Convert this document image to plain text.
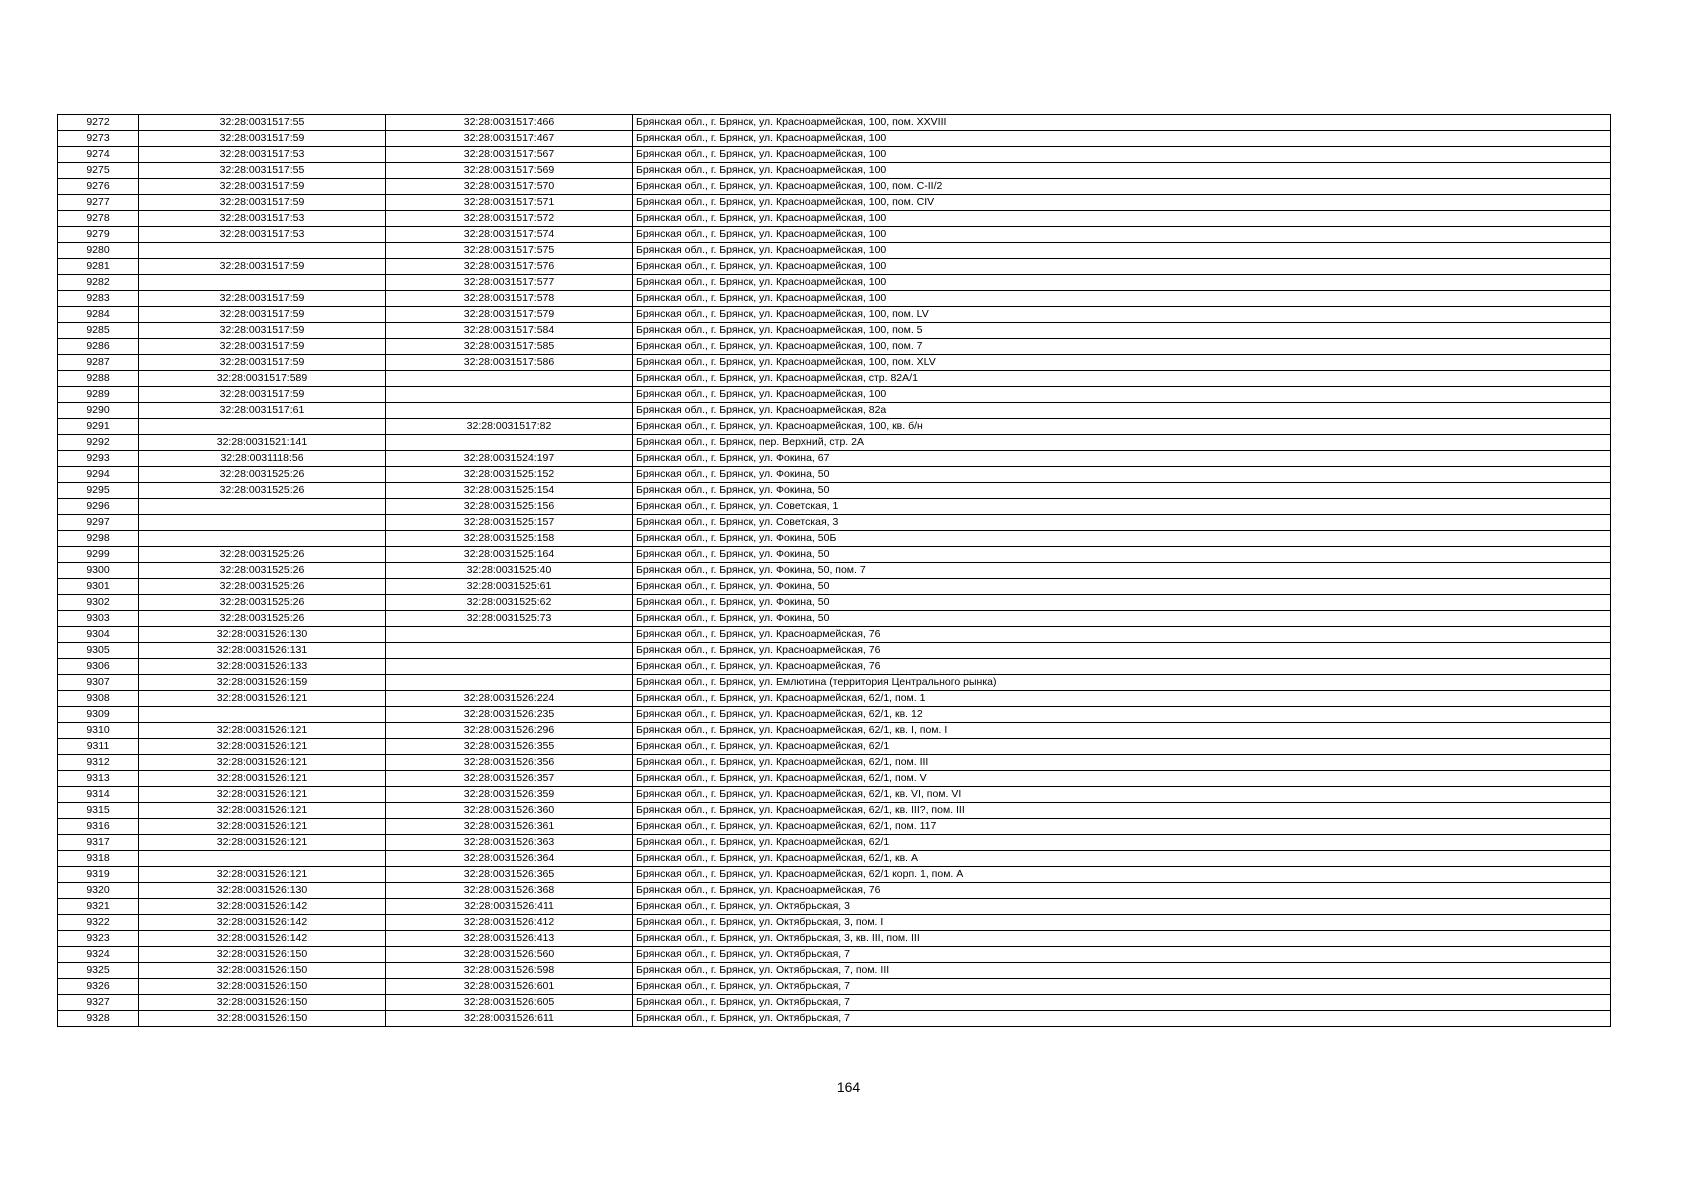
9272	32:28:0031517:55	32:28:0031517:466	Брянская обл., г. Брянск, ул. Красноармейская, 100, пом. XXVIII
9273	32:28:0031517:59	32:28:0031517:467	Брянская обл., г. Брянск, ул. Красноармейская, 100
9274	32:28:0031517:53	32:28:0031517:567	Брянская обл., г. Брянск, ул. Красноармейская, 100
9275	32:28:0031517:55	32:28:0031517:569	Брянская обл., г. Брянск, ул. Красноармейская, 100
9276	32:28:0031517:59	32:28:0031517:570	Брянская обл., г. Брянск, ул. Красноармейская, 100, пом. С-II/2
9277	32:28:0031517:59	32:28:0031517:571	Брянская обл., г. Брянск, ул. Красноармейская, 100, пом. CIV
9278	32:28:0031517:53	32:28:0031517:572	Брянская обл., г. Брянск, ул. Красноармейская, 100
9279	32:28:0031517:53	32:28:0031517:574	Брянская обл., г. Брянск, ул. Красноармейская, 100
9280		32:28:0031517:575	Брянская обл., г. Брянск, ул. Красноармейская, 100
9281	32:28:0031517:59	32:28:0031517:576	Брянская обл., г. Брянск, ул. Красноармейская, 100
9282		32:28:0031517:577	Брянская обл., г. Брянск, ул. Красноармейская, 100
9283	32:28:0031517:59	32:28:0031517:578	Брянская обл., г. Брянск, ул. Красноармейская, 100
9284	32:28:0031517:59	32:28:0031517:579	Брянская обл., г. Брянск, ул. Красноармейская, 100, пом. LV
9285	32:28:0031517:59	32:28:0031517:584	Брянская обл., г. Брянск, ул. Красноармейская, 100, пом. 5
9286	32:28:0031517:59	32:28:0031517:585	Брянская обл., г. Брянск, ул. Красноармейская, 100, пом. 7
9287	32:28:0031517:59	32:28:0031517:586	Брянская обл., г. Брянск, ул. Красноармейская, 100, пом. XLV
9288	32:28:0031517:589		Брянская обл., г. Брянск, ул. Красноармейская, стр. 82А/1
9289	32:28:0031517:59		Брянская обл., г. Брянск, ул. Красноармейская, 100
9290	32:28:0031517:61		Брянская обл., г. Брянск, ул. Красноармейская, 82а
9291		32:28:0031517:82	Брянская обл., г. Брянск, ул. Красноармейская, 100, кв. б/н
9292	32:28:0031521:141		Брянская обл., г. Брянск, пер. Верхний, стр. 2А
9293	32:28:0031118:56	32:28:0031524:197	Брянская обл., г. Брянск, ул. Фокина, 67
9294	32:28:0031525:26	32:28:0031525:152	Брянская обл., г. Брянск, ул. Фокина, 50
9295	32:28:0031525:26	32:28:0031525:154	Брянская обл., г. Брянск, ул. Фокина, 50
9296		32:28:0031525:156	Брянская обл., г. Брянск, ул. Советская, 1
9297		32:28:0031525:157	Брянская обл., г. Брянск, ул. Советская, 3
9298		32:28:0031525:158	Брянская обл., г. Брянск, ул. Фокина, 50Б
9299	32:28:0031525:26	32:28:0031525:164	Брянская обл., г. Брянск, ул. Фокина, 50
9300	32:28:0031525:26	32:28:0031525:40	Брянская обл., г. Брянск, ул. Фокина, 50, пом. 7
9301	32:28:0031525:26	32:28:0031525:61	Брянская обл., г. Брянск, ул. Фокина, 50
9302	32:28:0031525:26	32:28:0031525:62	Брянская обл., г. Брянск, ул. Фокина, 50
9303	32:28:0031525:26	32:28:0031525:73	Брянская обл., г. Брянск, ул. Фокина, 50
9304	32:28:0031526:130		Брянская обл., г. Брянск, ул. Красноармейская, 76
9305	32:28:0031526:131		Брянская обл., г. Брянск, ул. Красноармейская, 76
9306	32:28:0031526:133		Брянская обл., г. Брянск, ул. Красноармейская, 76
9307	32:28:0031526:159		Брянская обл., г. Брянск, ул. Емлютина (территория Центрального рынка)
9308	32:28:0031526:121	32:28:0031526:224	Брянская обл., г. Брянск, ул. Красноармейская, 62/1, пом. 1
9309		32:28:0031526:235	Брянская обл., г. Брянск, ул. Красноармейская, 62/1, кв. 12
9310	32:28:0031526:121	32:28:0031526:296	Брянская обл., г. Брянск, ул. Красноармейская, 62/1, кв. I, пом. I
9311	32:28:0031526:121	32:28:0031526:355	Брянская обл., г. Брянск, ул. Красноармейская, 62/1
9312	32:28:0031526:121	32:28:0031526:356	Брянская обл., г. Брянск, ул. Красноармейская, 62/1, пом. III
9313	32:28:0031526:121	32:28:0031526:357	Брянская обл., г. Брянск, ул. Красноармейская, 62/1, пом. V
9314	32:28:0031526:121	32:28:0031526:359	Брянская обл., г. Брянск, ул. Красноармейская, 62/1, кв. VI, пом. VI
9315	32:28:0031526:121	32:28:0031526:360	Брянская обл., г. Брянск, ул. Красноармейская, 62/1, кв. III?, пом. III
9316	32:28:0031526:121	32:28:0031526:361	Брянская обл., г. Брянск, ул. Красноармейская, 62/1, пом. 117
9317	32:28:0031526:121	32:28:0031526:363	Брянская обл., г. Брянск, ул. Красноармейская, 62/1
9318		32:28:0031526:364	Брянская обл., г. Брянск, ул. Красноармейская, 62/1, кв. А
9319	32:28:0031526:121	32:28:0031526:365	Брянская обл., г. Брянск, ул. Красноармейская, 62/1 корп. 1, пом. А
9320	32:28:0031526:130	32:28:0031526:368	Брянская обл., г. Брянск, ул. Красноармейская, 76
9321	32:28:0031526:142	32:28:0031526:411	Брянская обл., г. Брянск, ул. Октябрьская, 3
9322	32:28:0031526:142	32:28:0031526:412	Брянская обл., г. Брянск, ул. Октябрьская, 3, пом. I
9323	32:28:0031526:142	32:28:0031526:413	Брянская обл., г. Брянск, ул. Октябрьская, 3, кв. III, пом. III
9324	32:28:0031526:150	32:28:0031526:560	Брянская обл., г. Брянск, ул. Октябрьская, 7
9325	32:28:0031526:150	32:28:0031526:598	Брянская обл., г. Брянск, ул. Октябрьская, 7, пом. III
9326	32:28:0031526:150	32:28:0031526:601	Брянская обл., г. Брянск, ул. Октябрьская, 7
9327	32:28:0031526:150	32:28:0031526:605	Брянская обл., г. Брянск, ул. Октябрьская, 7
9328	32:28:0031526:150	32:28:0031526:611	Брянская обл., г. Брянск, ул. Октябрьская, 7
164
